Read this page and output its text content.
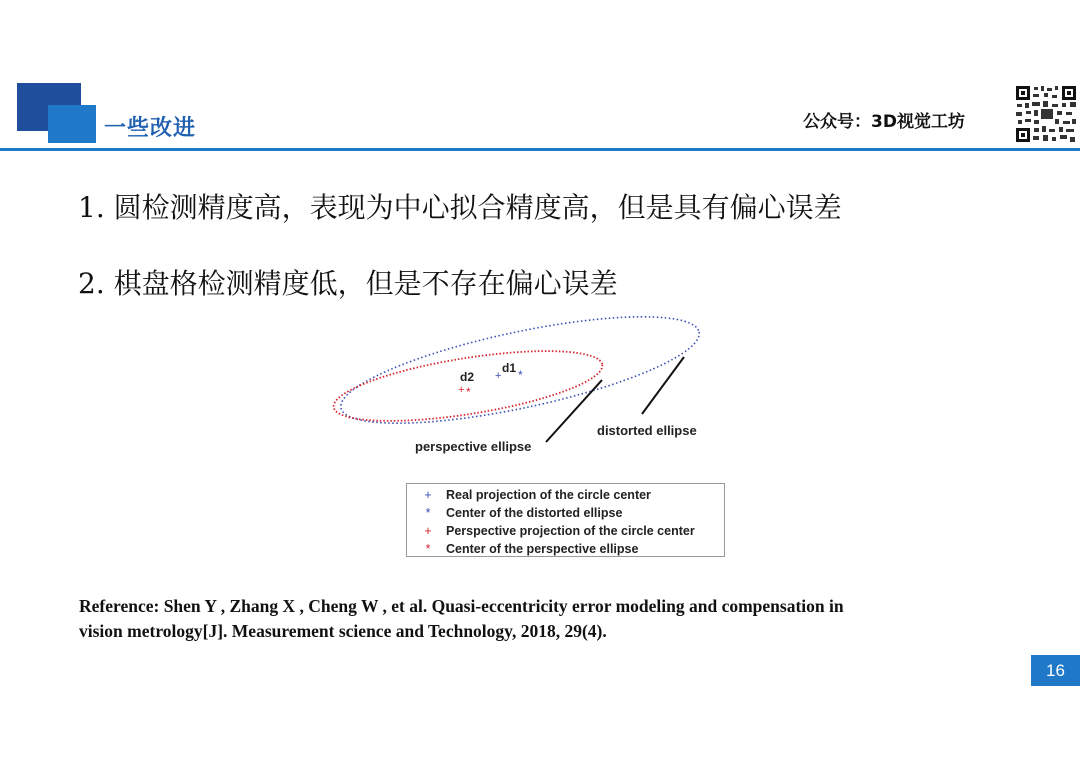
一些改进	公众号：3D视觉工坊
1. 圆检测精度高，表现为中心拟合精度高，但是具有偏心误差
2. 棋盘格检测精度低，但是不存在偏心误差
+ *
+ *
d1
d2
distorted ellipse
perspective ellipse
+ Real projection of the circle center
*	Center of the distorted ellipse
+ Perspective projection of the circle center
*	Center of the perspective ellipse
Reference: Shen Y , Zhang X , Cheng W , et al. Quasi-eccentricity error modeling and compensation in
vision metrology[J]. Measurement science and Technology, 2018, 29(4).
16
